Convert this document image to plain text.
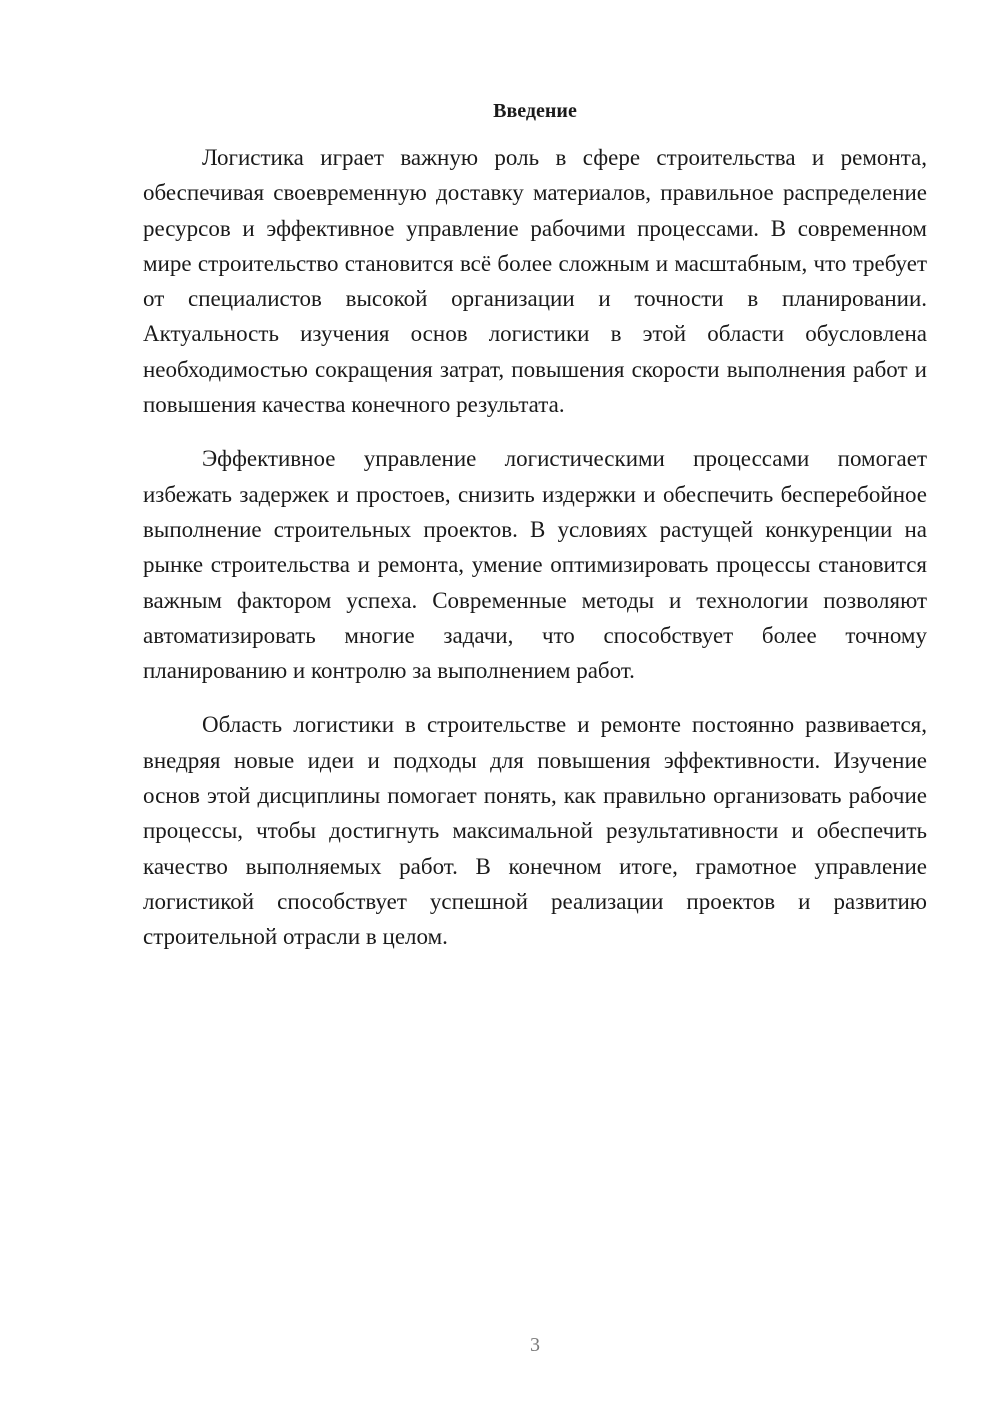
Введение

Логистика играет важную роль в сфере строительства и ремонта, обеспечивая своевременную доставку материалов, правильное распределение ресурсов и эффективное управление рабочими процессами. В современном мире строительство становится всё более сложным и масштабным, что требует от специалистов высокой организации и точности в планировании. Актуальность изучения основ логистики в этой области обусловлена необходимостью сокращения затрат, повышения скорости выполнения работ и повышения качества конечного результата.

Эффективное управление логистическими процессами помогает избежать задержек и простоев, снизить издержки и обеспечить бесперебойное выполнение строительных проектов. В условиях растущей конкуренции на рынке строительства и ремонта, умение оптимизировать процессы становится важным фактором успеха. Современные методы и технологии позволяют автоматизировать многие задачи, что способствует более точному планированию и контролю за выполнением работ.

Область логистики в строительстве и ремонте постоянно развивается, внедряя новые идеи и подходы для повышения эффективности. Изучение основ этой дисциплины помогает понять, как правильно организовать рабочие процессы, чтобы достигнуть максимальной результативности и обеспечить качество выполняемых работ. В конечном итоге, грамотное управление логистикой способствует успешной реализации проектов и развитию строительной отрасли в целом.

3
